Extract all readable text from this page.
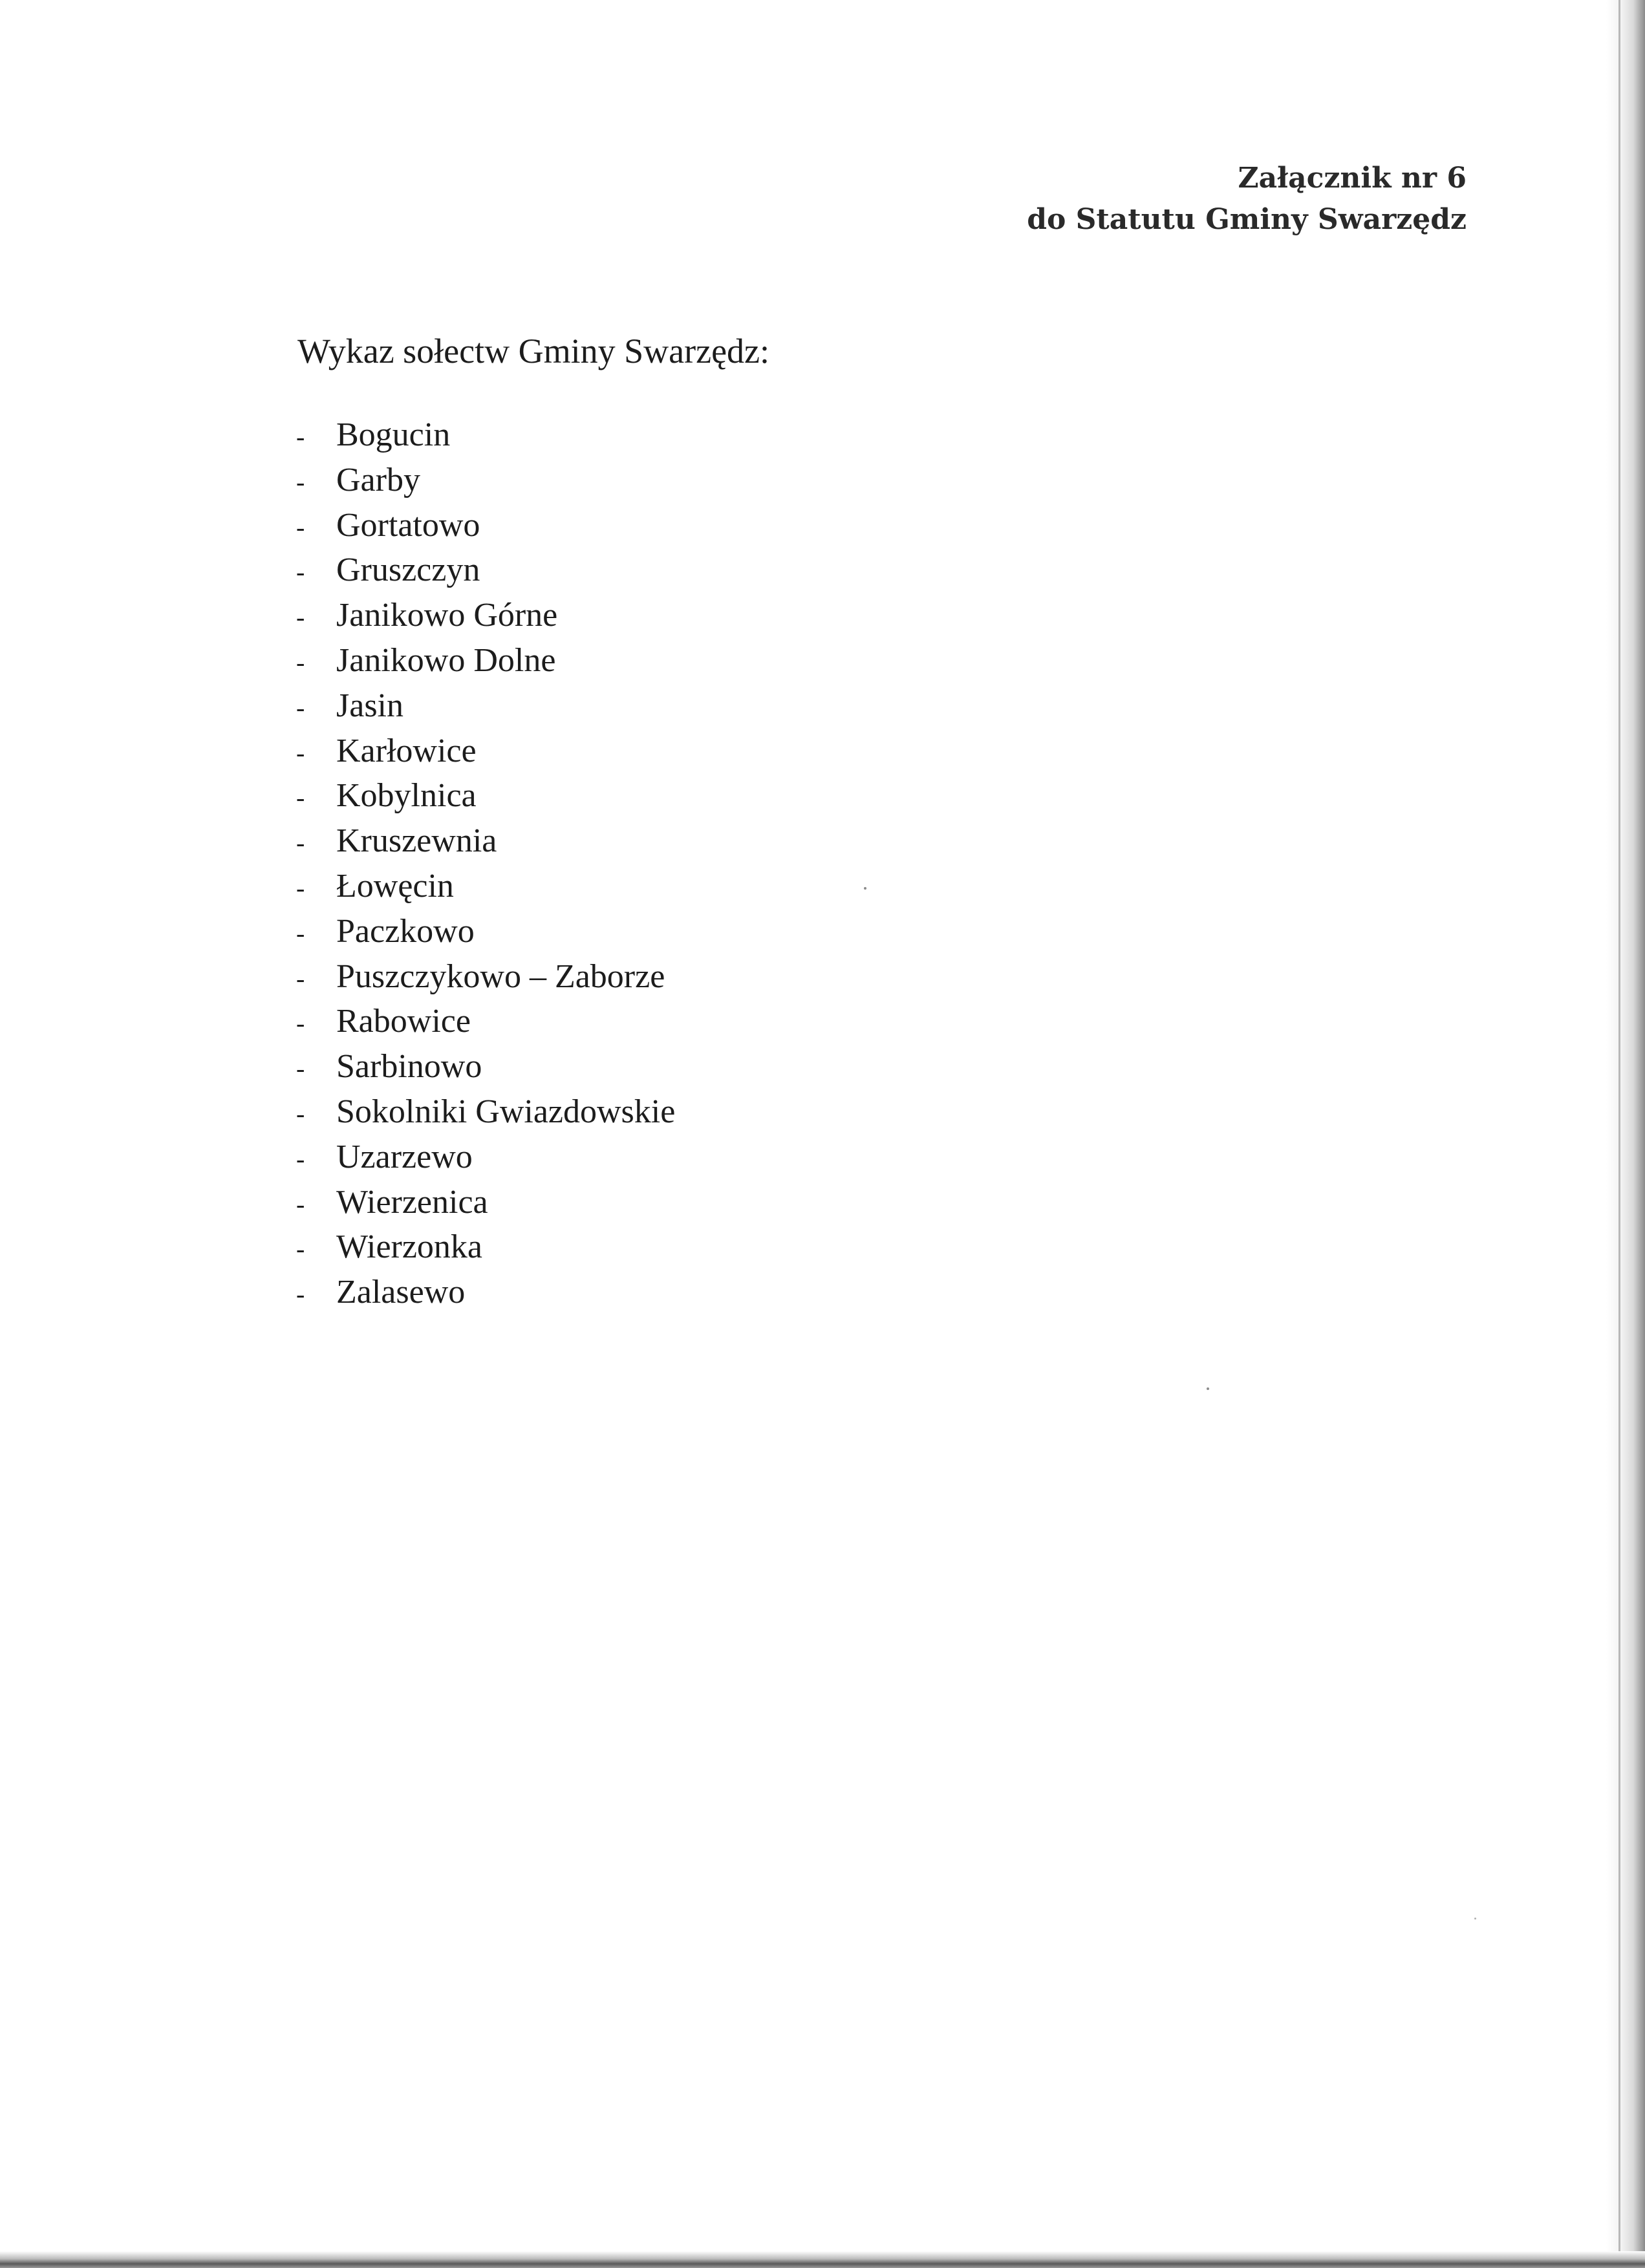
Załącznik nr 6
do Statutu Gminy Swarzędz
Wykaz sołectw Gminy Swarzędz:
- Bogucin
- Garby
- Gortatowo
- Gruszczyn
- Janikowo Górne
- Janikowo Dolne
- Jasin
- Karłowice
- Kobylnica
- Kruszewnia
- Łowęcin
- Paczkowo
- Puszczykowo – Zaborze
- Rabowice
- Sarbinowo
- Sokolniki Gwiazdowskie
- Uzarzewo
- Wierzenica
- Wierzonka
- Zalasewo
